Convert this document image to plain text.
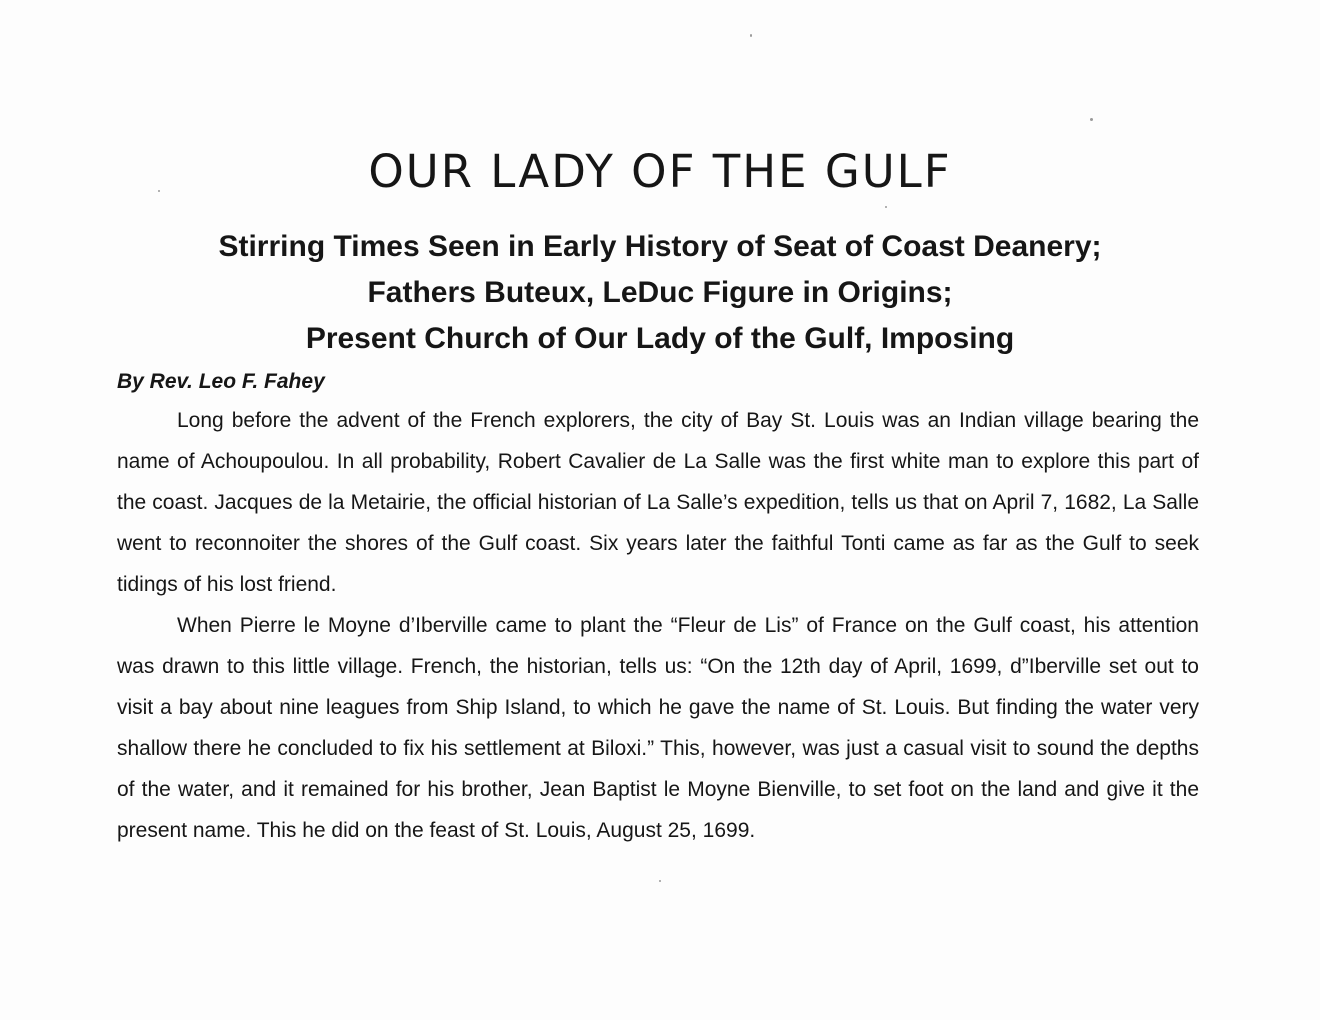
OUR LADY OF THE GULF
Stirring Times Seen in Early History of Seat of Coast Deanery;
Fathers Buteux, LeDuc Figure in Origins;
Present Church of Our Lady of the Gulf, Imposing

By Rev. Leo F. Fahey

Long before the advent of the French explorers, the city of Bay St. Louis was an Indian village bearing the name of Achoupoulou. In all probability, Robert Cavalier de La Salle was the first white man to explore this part of the coast. Jacques de la Metairie, the official historian of La Salle’s expedition, tells us that on April 7, 1682, La Salle went to reconnoiter the shores of the Gulf coast. Six years later the faithful Tonti came as far as the Gulf to seek tidings of his lost friend.

When Pierre le Moyne d’Iberville came to plant the “Fleur de Lis” of France on the Gulf coast, his attention was drawn to this little village. French, the historian, tells us: “On the 12th day of April, 1699, d”Iberville set out to visit a bay about nine leagues from Ship Island, to which he gave the name of St. Louis. But finding the water very shallow there he concluded to fix his settlement at Biloxi.” This, however, was just a casual visit to sound the depths of the water, and it remained for his brother, Jean Baptist le Moyne Bienville, to set foot on the land and give it the present name. This he did on the feast of St. Louis, August 25, 1699.
